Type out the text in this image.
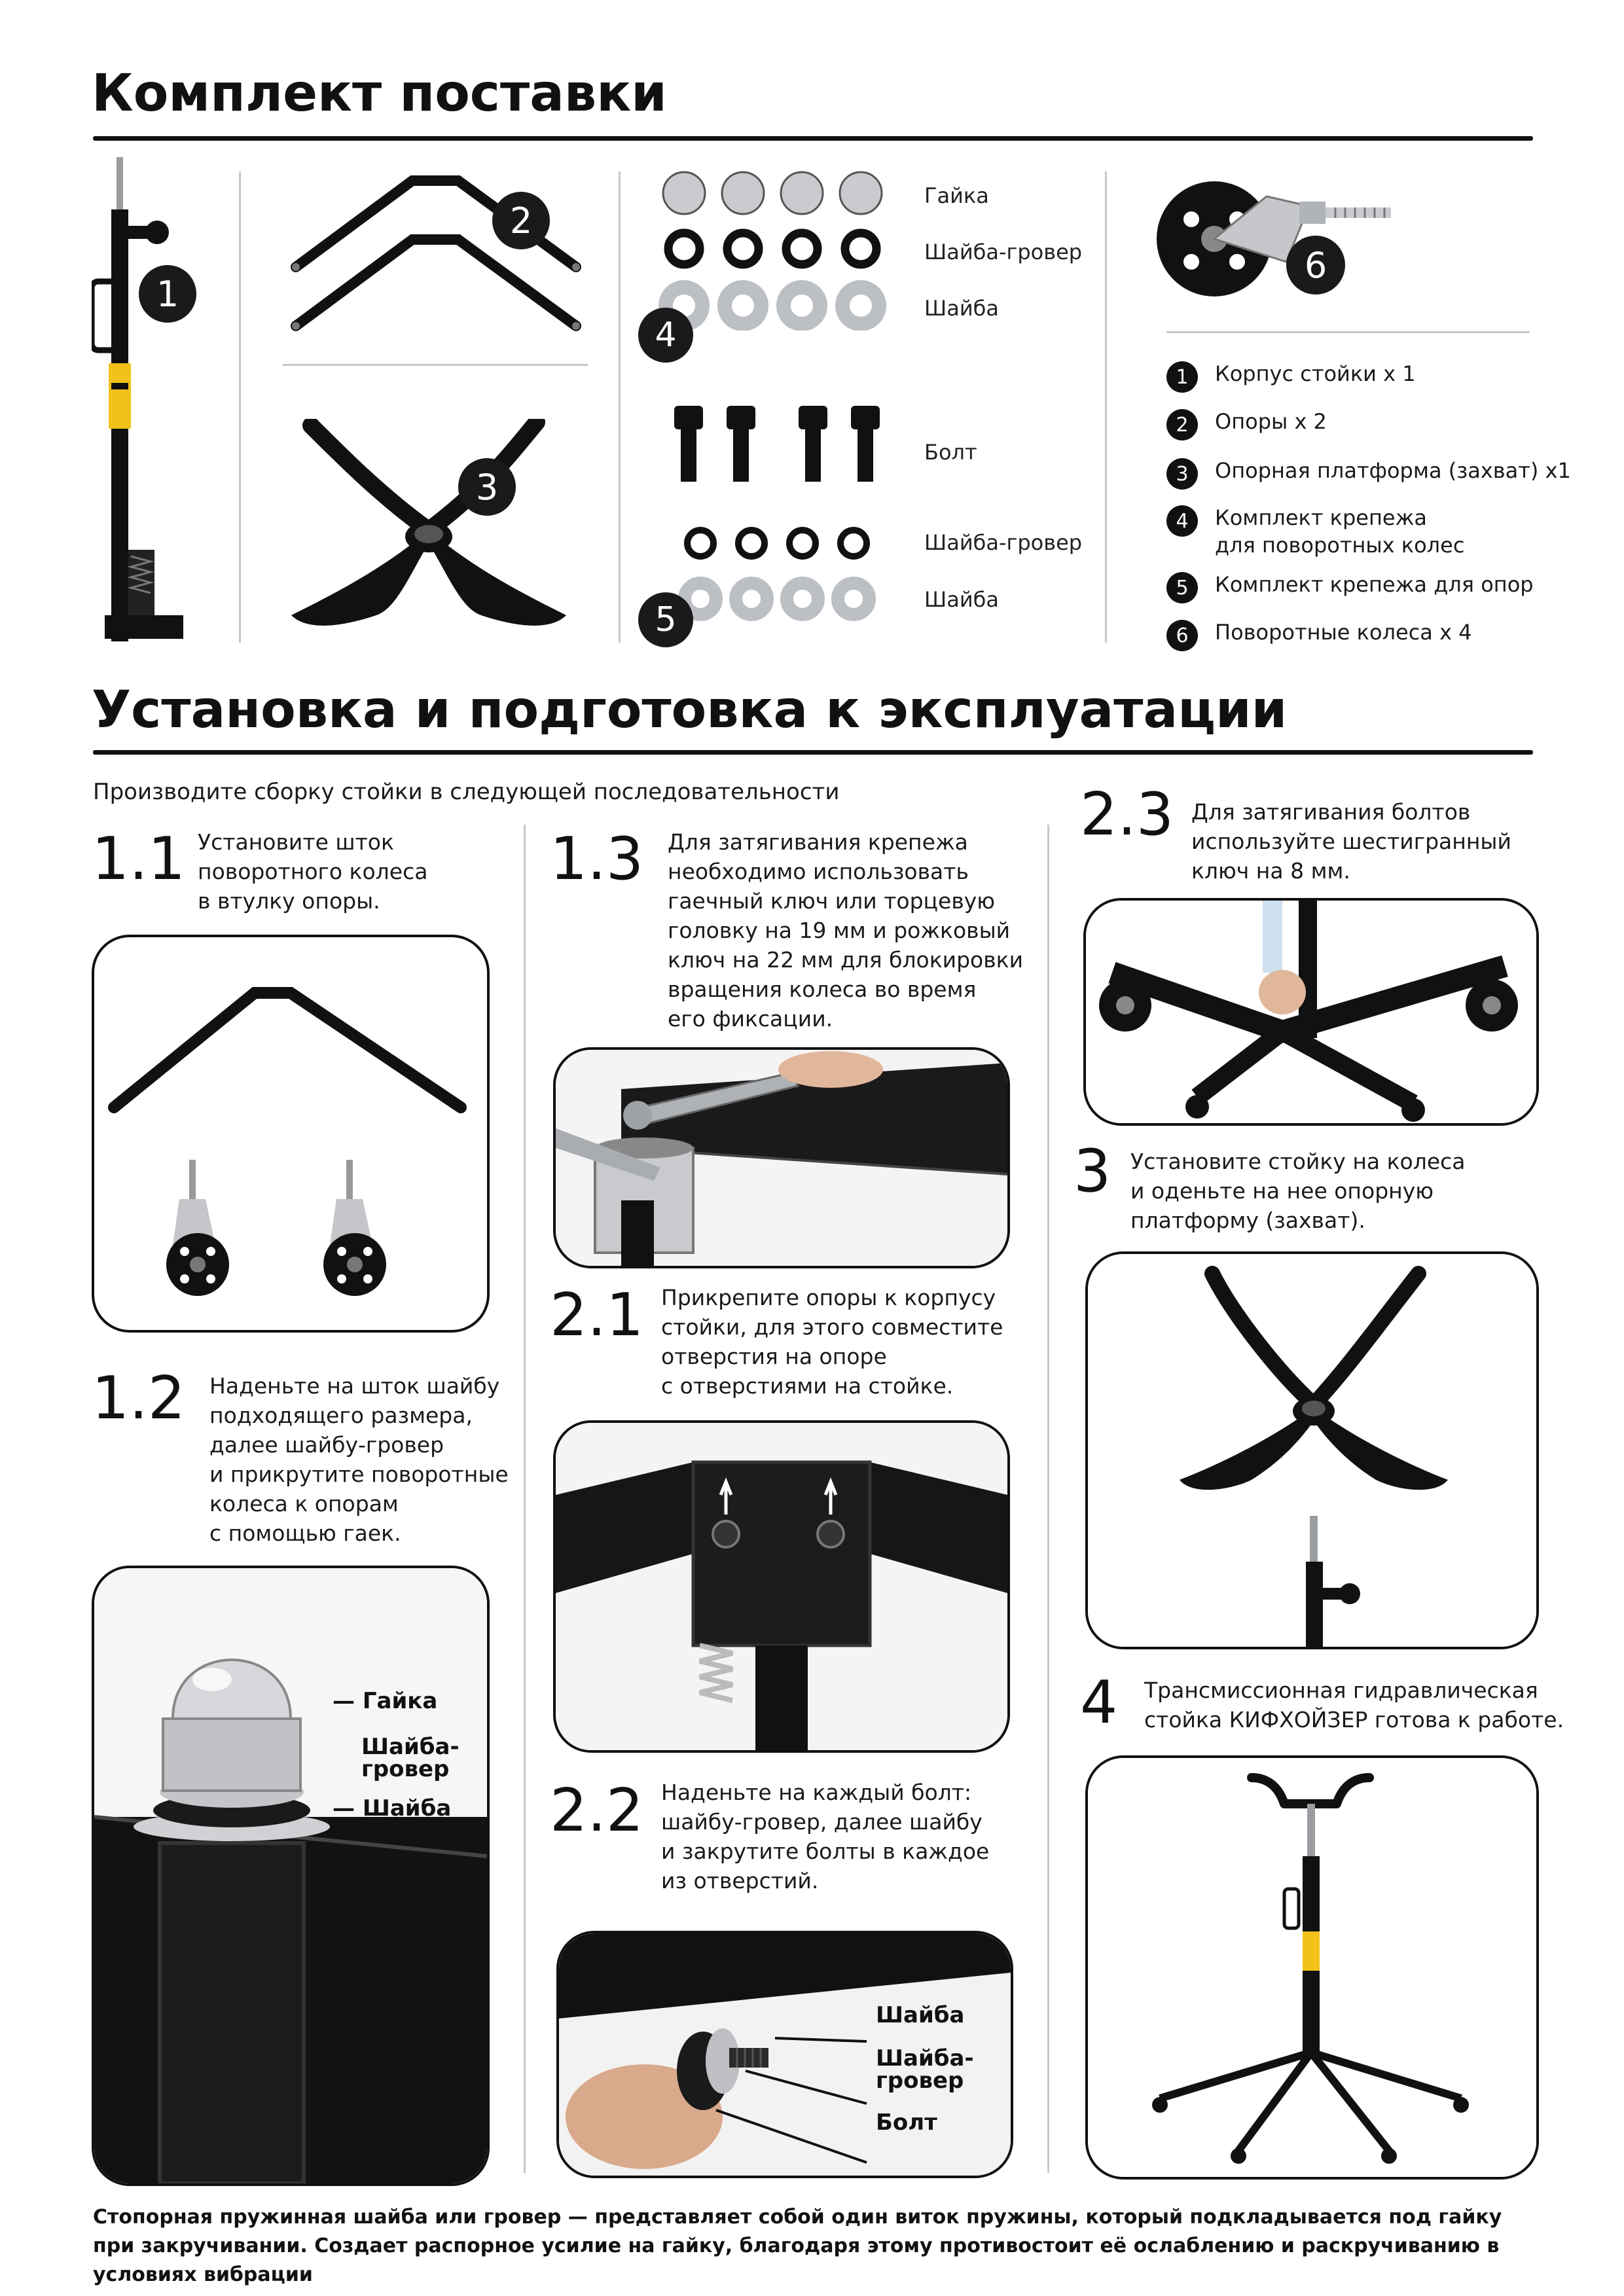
Комплект поставки
1
2
3
4
Гайка
Шайба-гровер
Шайба
5
Болт
Шайба-гровер
Шайба
6
1	Корпус стойки х 1
2	Опоры х 2
3	Опорная платформа (захват) х1
4	Комплект крепежа
для поворотных колес
5	Комплект крепежа для опор
6	Поворотные колеса х 4
Установка и подготовка к эксплуатации
Производите сборку стойки в следующей последовательности
1.1 Установите шток
поворотного колеса
в втулку опоры.
1.2 Наденьте на шток шайбу
подходящего размера,
далее шайбу-гровер
и прикрутите поворотные
колеса к опорам
с помощью гаек.
— Гайка
Шайба-
гровер
— Шайба
1.3 Для затягивания крепежа
необходимо использовать
гаечный ключ или торцевую
головку на 19 мм и рожковый
ключ на 22 мм для блокировки
вращения колеса во время
его фиксации.
2.1 Прикрепите опоры к корпусу
стойки, для этого совместите
отверстия на опоре
с отверстиями на стойке.
2.2 Наденьте на каждый болт:
шайбу-гровер, далее шайбу
и закрутите болты в каждое
из отверстий.
Шайба
Шайба-
гровер
Болт
2.3 Для затягивания болтов
используйте шестигранный
ключ на 8 мм.
3 Установите стойку на колеса
и оденьте на нее опорную
платформу (захват).
4 Трансмиссионная гидравлическая
стойка КИФХОЙЗЕР готова к работе.
Стопорная пружинная шайба или гровер — представляет собой один виток пружины, который подкладывается под гайку при закручивании. Создает распорное усилие на гайку, благодаря этому противостоит её ослаблению и раскручиванию в условиях вибрации
